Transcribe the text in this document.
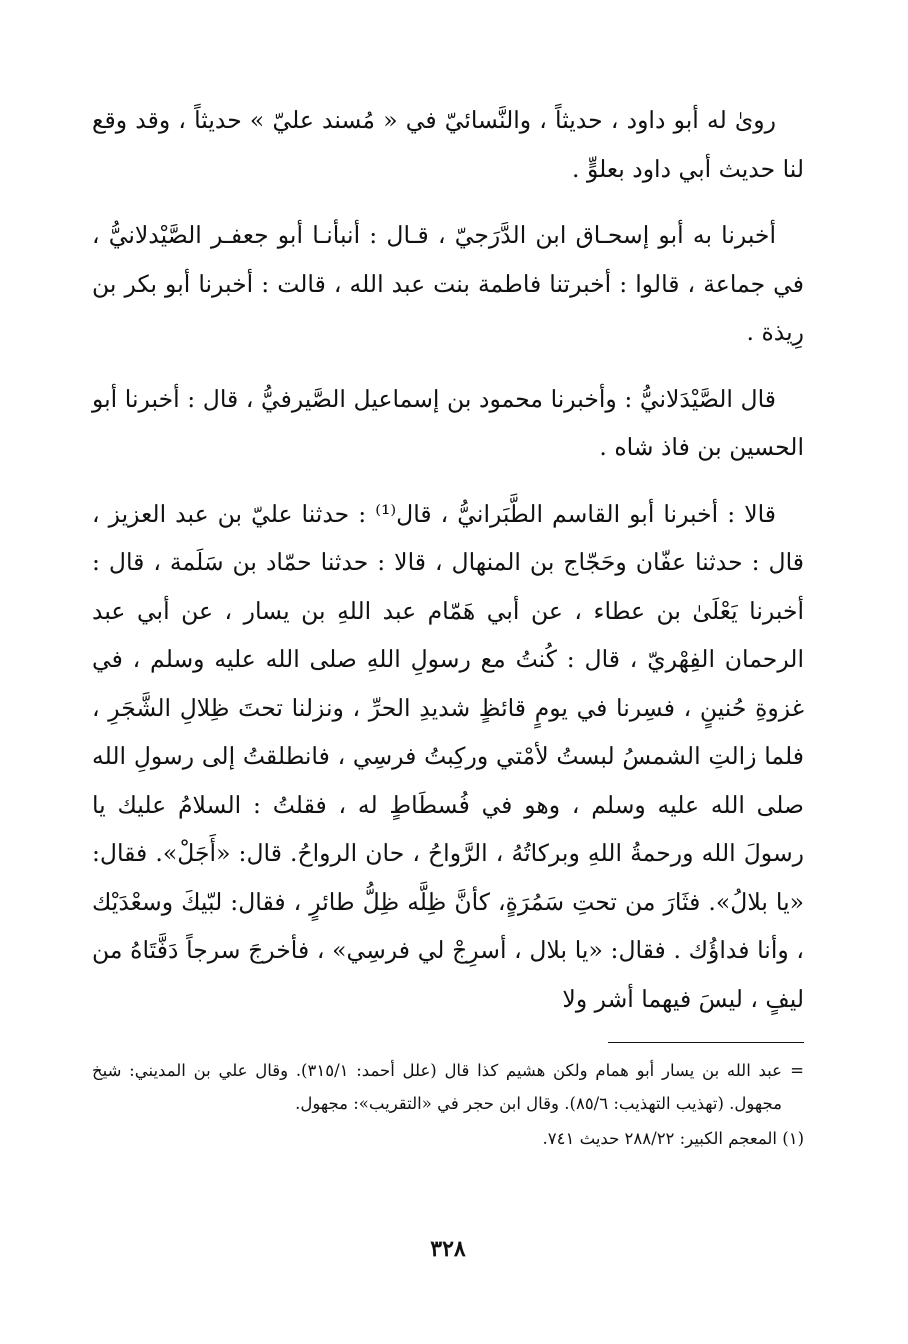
رویٰ له أبو داود ، حديثاً ، والنَّسائيّ في « مُسند عليّ » حديثاً ، وقد وقع لنا حديث أبي داود بعلوٍّ .

أخبرنا به أبو إسحـاق ابن الدَّرَجيّ ، قـال : أنبأنـا أبو جعفـر الصَّيْدلانيُّ ، في جماعة ، قالوا : أخبرتنا فاطمة بنت عبد الله ، قالت : أخبرنا أبو بكر بن رِيذة .

قال الصَّيْدَلانيُّ : وأخبرنا محمود بن إسماعيل الصَّيرفيُّ ، قال : أخبرنا أبو الحسين بن فاذ شاه .

قالا : أخبرنا أبو القاسم الطَّبَرانيُّ ، قال⁽¹⁾ : حدثنا عليّ بن عبد العزيز ، قال : حدثنا عفّان وحَجّاج بن المنهال ، قالا : حدثنا حمّاد بن سَلَمة ، قال : أخبرنا يَعْلَىٰ بن عطاء ، عن أبي هَمّام عبد اللهِ بن يسار ، عن أبي عبد الرحمان الفِهْريّ ، قال : كُنتُ مع رسولِ اللهِ صلى الله عليه وسلم ، في غزوةِ حُنينٍ ، فسِرنا في يومٍ قائظٍ شديدِ الحرِّ ، ونزلنا تحتَ ظِلالِ الشَّجَرِ ، فلما زالتِ الشمسُ لبستُ لأمْتي وركِبتُ فرسِي ، فانطلقتُ إلى رسولِ الله صلى الله عليه وسلم ، وهو في فُسطَاطٍ له ، فقلتُ : السلامُ عليك يا رسولَ الله ورحمةُ اللهِ وبركاتُهُ ، الرَّواحُ ، حان الرواحُ. قال: «أَجَلْ». فقال: «يا بلالُ». فثَارَ من تحتِ سَمُرَةٍ، كأنَّ ظِلَّه ظِلُّ طائرٍ ، فقال: لبّيكَ وسعْدَيْك ، وأنا فداؤُك . فقال: «يا بلال ، أسرِجْ لي فرسِي» ، فأخرجَ سرجاً دَفَّتَاهُ من ليفٍ ، ليسَ فيهما أشر ولا

=
عبد الله بن يسار أبو همام ولكن هشيم كذا قال (علل أحمد: ٣١٥/١). وقال علي بن المديني: شيخ مجهول. (تهذيب التهذيب: ٨٥/٦). وقال ابن حجر في «التقريب»: مجهول.

(١) المعجم الكبير: ٢٨٨/٢٢ حديث ٧٤١.

٣٢٨
